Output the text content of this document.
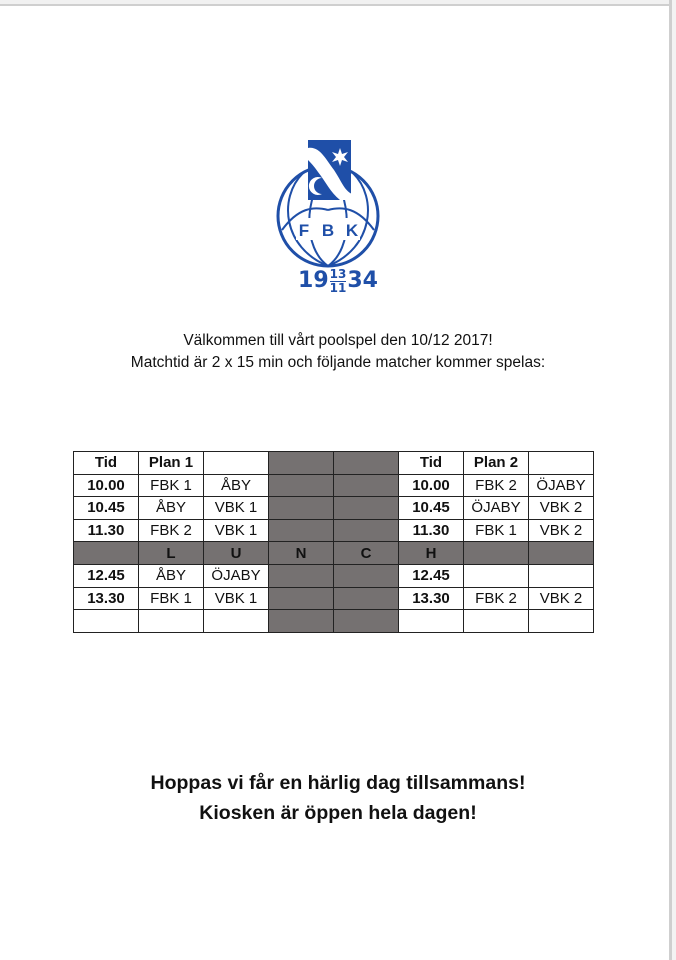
F B K
$19 \frac{13}{11} 34$
Välkommen till vårt poolspel den 10/12 2017!
Matchtid är 2 x 15 min och följande matcher kommer spelas:
Tid	Plan 1				Tid	Plan 2	
10.00	FBK 1	ÅBY			10.00	FBK 2	ÖJABY
10.45	ÅBY	VBK 1			10.45	ÖJABY	VBK 2
11.30	FBK 2	VBK 1			11.30	FBK 1	VBK 2
	L	U	N	C	H		
12.45	ÅBY	ÖJABY			12.45		
13.30	FBK 1	VBK 1			13.30	FBK 2	VBK 2

Hoppas vi får en härlig dag tillsammans!
Kiosken är öppen hela dagen!
